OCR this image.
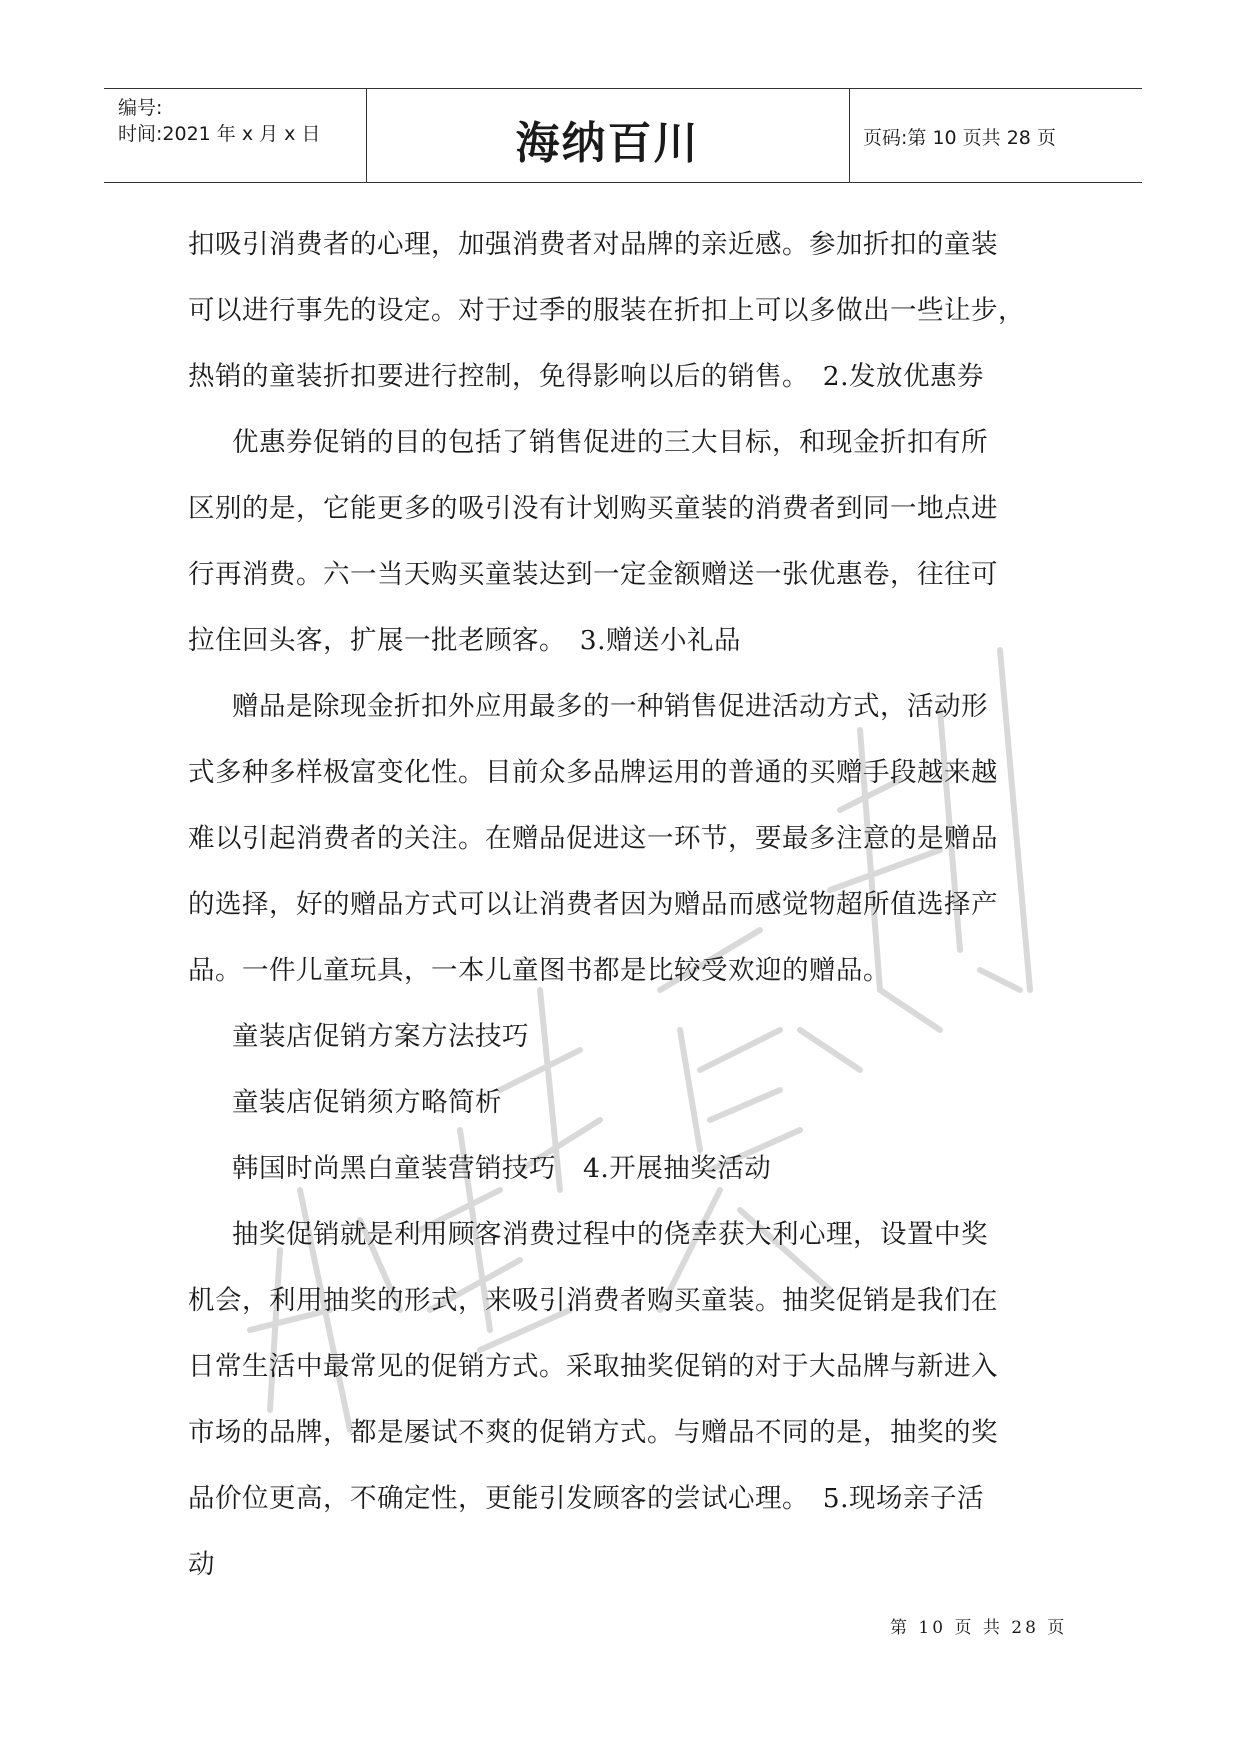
编号:
时间:2021 年 x 月 x 日	海纳百川	页码:第 10 页共 28 页
扣吸引消费者的心理，加强消费者对品牌的亲近感。参加折扣的童装
可以进行事先的设定。对于过季的服装在折扣上可以多做出一些让步，
热销的童装折扣要进行控制，免得影响以后的销售。　2.发放优惠券
优惠券促销的目的包括了销售促进的三大目标，和现金折扣有所
区别的是，它能更多的吸引没有计划购买童装的消费者到同一地点进
行再消费。六一当天购买童装达到一定金额赠送一张优惠卷，往往可
拉住回头客，扩展一批老顾客。　3.赠送小礼品
赠品是除现金折扣外应用最多的一种销售促进活动方式，活动形
式多种多样极富变化性。目前众多品牌运用的普通的买赠手段越来越
难以引起消费者的关注。在赠品促进这一环节，要最多注意的是赠品
的选择，好的赠品方式可以让消费者因为赠品而感觉物超所值选择产
品。一件儿童玩具，一本儿童图书都是比较受欢迎的赠品。
童装店促销方案方法技巧
童装店促销须方略简析
韩国时尚黑白童装营销技巧　4.开展抽奖活动
抽奖促销就是利用顾客消费过程中的侥幸获大利心理，设置中奖
机会，利用抽奖的形式，来吸引消费者购买童装。抽奖促销是我们在
日常生活中最常见的促销方式。采取抽奖促销的对于大品牌与新进入
市场的品牌，都是屡试不爽的促销方式。与赠品不同的是，抽奖的奖
品价位更高，不确定性，更能引发顾客的尝试心理。　5.现场亲子活
动
第 10 页 共 28 页
